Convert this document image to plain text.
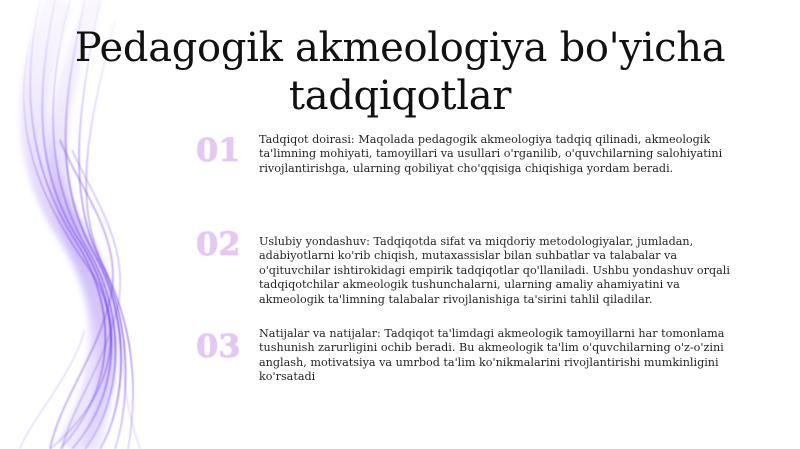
Pedagogik akmeologiya bo'yicha tadqiqotlar
01	Tadqiqot doirasi: Maqolada pedagogik akmeologiya tadqiq qilinadi, akmeologik ta'limning mohiyati, tamoyillari va usullari o'rganilib, o'quvchilarning salohiyatini rivojlantirishga, ularning qobiliyat cho'qqisiga chiqishiga yordam beradi.

02	Uslubiy yondashuv: Tadqiqotda sifat va miqdoriy metodologiyalar, jumladan, adabiyotlarni ko'rib chiqish, mutaxassislar bilan suhbatlar va talabalar va o'qituvchilar ishtirokidagi empirik tadqiqotlar qo'llaniladi. Ushbu yondashuv orqali tadqiqotchilar akmeologik tushunchalarni, ularning amaliy ahamiyatini va akmeologik ta'limning talabalar rivojlanishiga ta'sirini tahlil qiladilar.

03	Natijalar va natijalar: Tadqiqot ta'limdagi akmeologik tamoyillarni har tomonlama tushunish zarurligini ochib beradi. Bu akmeologik ta'lim o'quvchilarning o'z-o'zini anglash, motivatsiya va umrbod ta'lim ko'nikmalarini rivojlantirishi mumkinligini ko'rsatadi
